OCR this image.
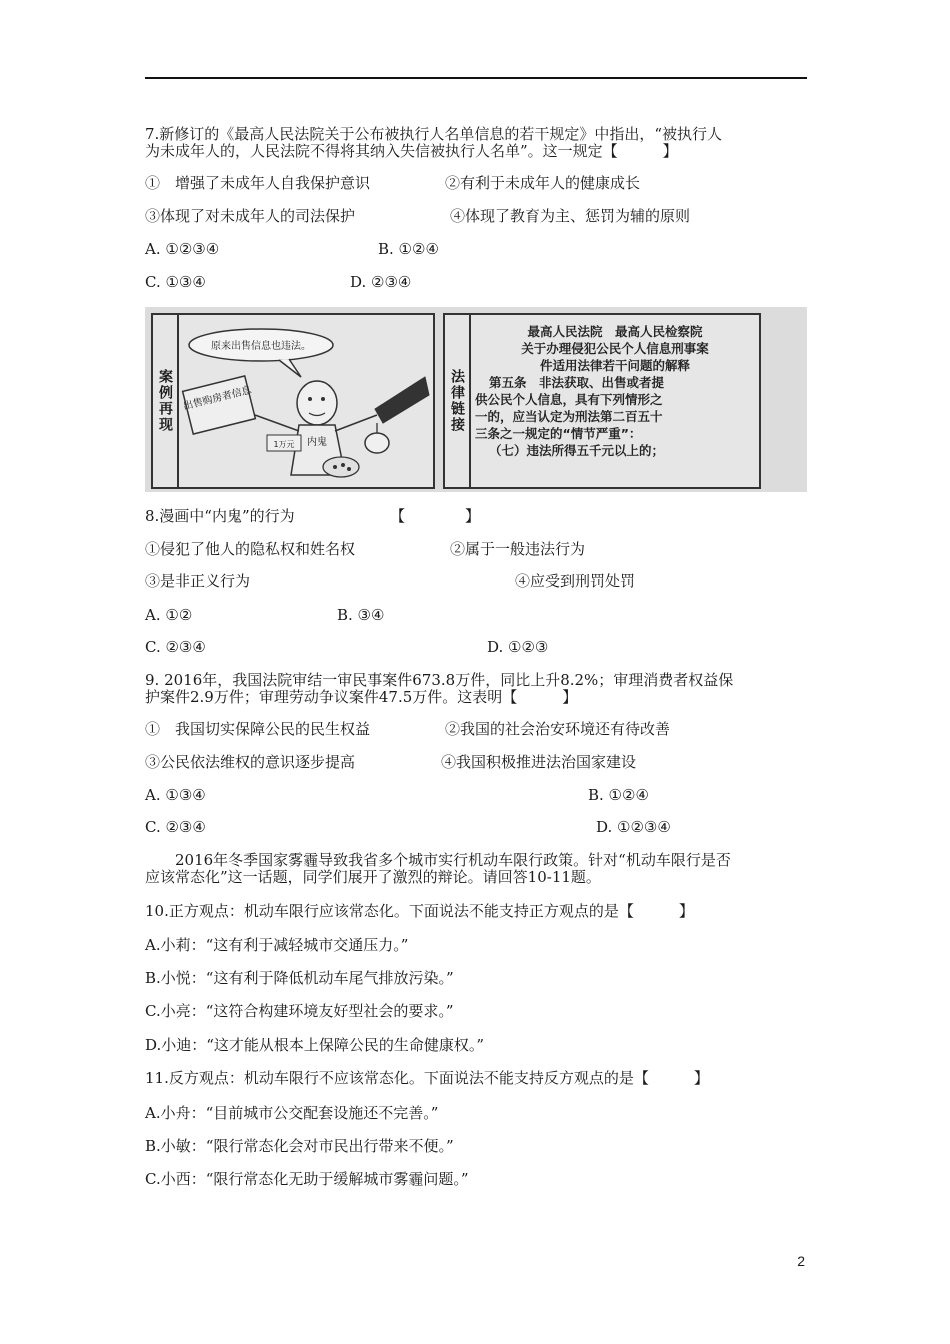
7.新修订的《最高人民法院关于公布被执行人名单信息的若干规定》中指出，“被执行人
为未成年人的，人民法院不得将其纳入失信被执行人名单”。这一规定【　　　】
①　增强了未成年人自我保护意识	②有利于未成年人的健康成长
③体现了对未成年人的司法保护	④体现了教育为主、惩罚为辅的原则
A. ①②③④	B. ①②④
C. ①③④	D. ②③④
案例再现
原来出售信息也违法。
出售购房者信息
内鬼
1万元
法律链接
最高人民法院　最高人民检察院
关于办理侵犯公民个人信息刑事案
件适用法律若干问题的解释
第五条　非法获取、出售或者提
供公民个人信息，具有下列情形之
一的，应当认定为刑法第二百五十
三条之一规定的“情节严重”：
（七）违法所得五千元以上的；
8.漫画中“内鬼”的行为	【　　　　】
①侵犯了他人的隐私权和姓名权	②属于一般违法行为
③是非正义行为	④应受到刑罚处罚
A. ①②	B. ③④
C. ②③④	D. ①②③
9. 2016年，我国法院审结一审民事案件673.8万件，同比上升8.2%；审理消费者权益保
护案件2.9万件；审理劳动争议案件47.5万件。这表明【　　　】
①　我国切实保障公民的民生权益	②我国的社会治安环境还有待改善
③公民依法维权的意识逐步提高	④我国积极推进法治国家建设
A. ①③④	B. ①②④
C. ②③④	D. ①②③④
2016年冬季国家雾霾导致我省多个城市实行机动车限行政策。针对“机动车限行是否
应该常态化”这一话题，同学们展开了激烈的辩论。请回答10-11题。
10.正方观点：机动车限行应该常态化。下面说法不能支持正方观点的是【　　　】
A.小莉：“这有利于减轻城市交通压力。”
B.小悦：“这有利于降低机动车尾气排放污染。”
C.小亮：“这符合构建环境友好型社会的要求。”
D.小迪：“这才能从根本上保障公民的生命健康权。”
11.反方观点：机动车限行不应该常态化。下面说法不能支持反方观点的是【　　　】
A.小舟：“目前城市公交配套设施还不完善。”
B.小敏：“限行常态化会对市民出行带来不便。”
C.小西：“限行常态化无助于缓解城市雾霾问题。”
2
